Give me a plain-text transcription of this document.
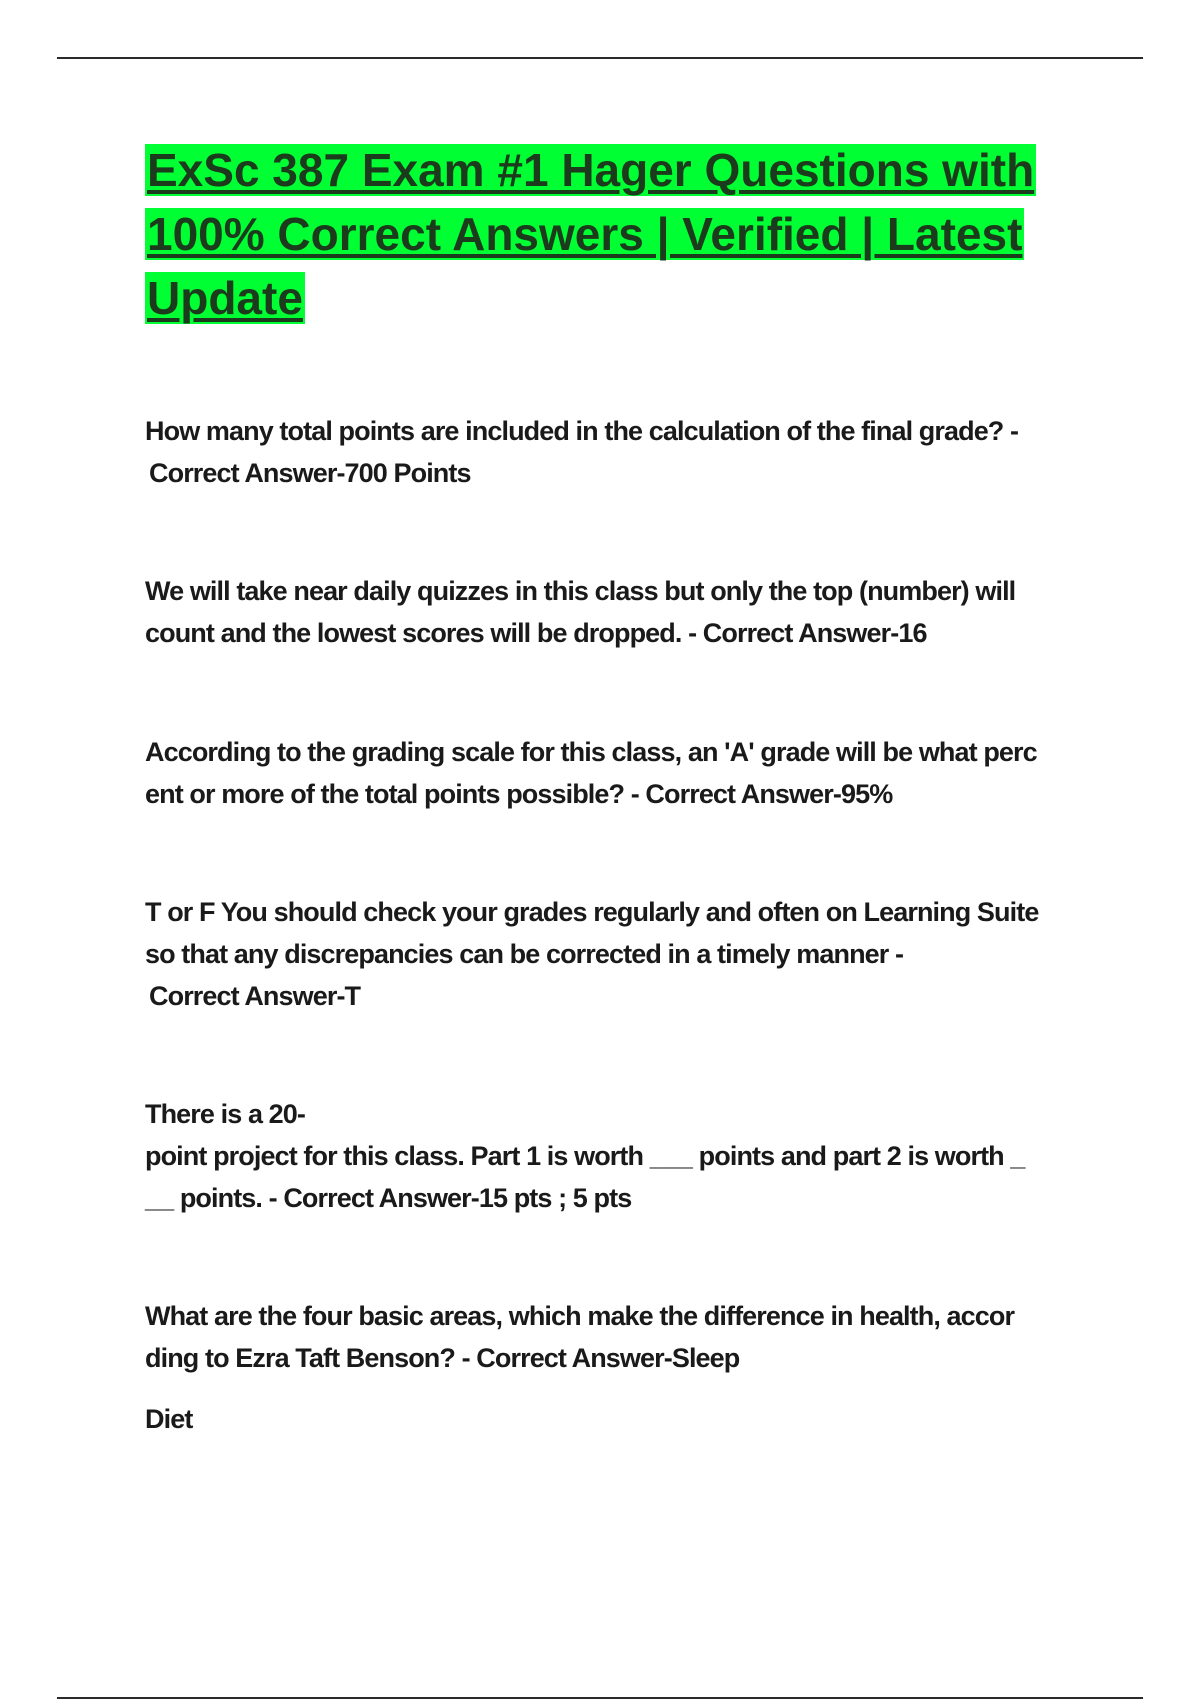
ExSc 387 Exam #1 Hager Questions with 100% Correct Answers | Verified | Latest Update
How many total points are included in the calculation of the final grade? -
Correct Answer-700 Points
We will take near daily quizzes in this class but only the top (number) will
count and the lowest scores will be dropped. - Correct Answer-16
According to the grading scale for this class, an 'A' grade will be what perc
ent or more of the total points possible? - Correct Answer-95%
T or F You should check your grades regularly and often on Learning Suite
so that any discrepancies can be corrected in a timely manner -
Correct Answer-T
There is a 20-
point project for this class. Part 1 is worth ___ points and part 2 is worth _
__ points. - Correct Answer-15 pts ; 5 pts
What are the four basic areas, which make the difference in health, accor
ding to Ezra Taft Benson? - Correct Answer-Sleep
Diet
